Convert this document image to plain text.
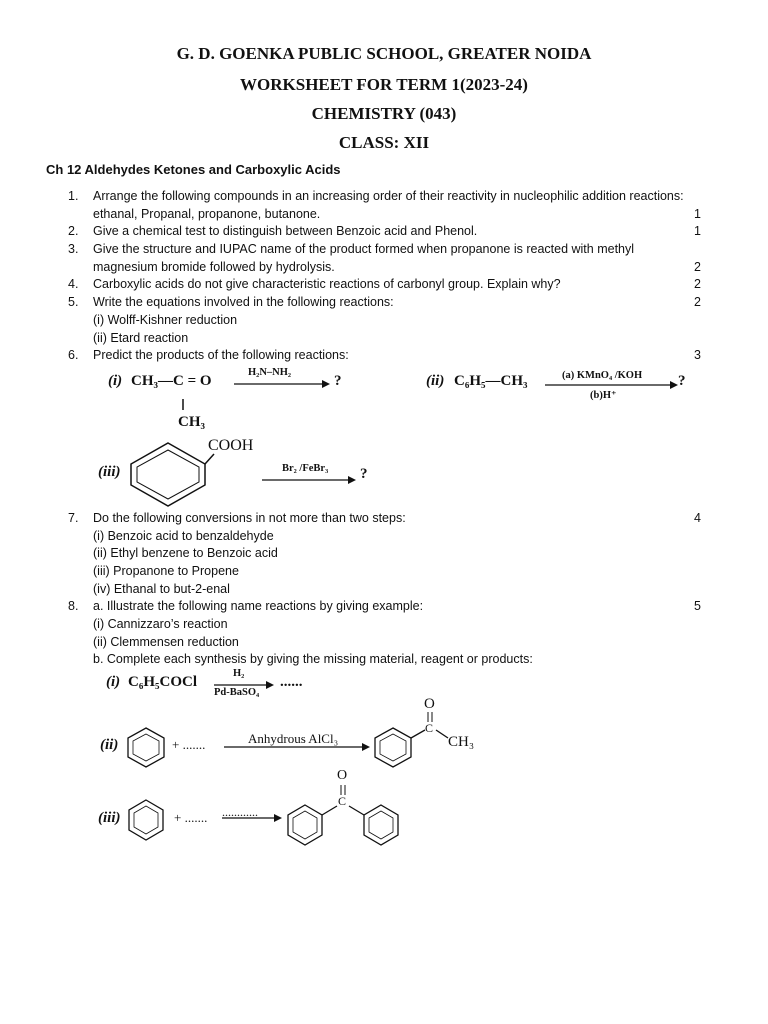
G. D. GOENKA PUBLIC SCHOOL, GREATER NOIDA
WORKSHEET FOR TERM 1(2023-24)
CHEMISTRY (043)
CLASS: XII
Ch 12 Aldehydes Ketones and Carboxylic Acids
1. Arrange the following compounds in an increasing order of their reactivity in nucleophilic addition reactions:
ethanal, Propanal, propanone, butanone.	1
2. Give a chemical test to distinguish between Benzoic acid and Phenol.	1
3. Give the structure and IUPAC name of the product formed when propanone is reacted with methyl
magnesium bromide followed by hydrolysis.	2
4. Carboxylic acids do not give characteristic reactions of carbonyl group. Explain why?	2
5. Write the equations involved in the following reactions:
(i) Wolff-Kishner reduction
(ii) Etard reaction
2
6. Predict the products of the following reactions:	3
(i) CH₃—C = O
H₂N–NH₂
?
CH₃
(ii) C₆H₅—CH₃	(a) KMnO₄ /KOH
(b)H⁺
?
(iii)
COOH
Br₂ /FeBr₃ ?
7. Do the following conversions in not more than two steps:
(i) Benzoic acid to benzaldehyde
(ii) Ethyl benzene to Benzoic acid
(iii) Propanone to Propene
(iv) Ethanal to but-2-enal
4
8. a. Illustrate the following name reactions by giving example:
(i) Cannizzaro’s reaction
(ii) Clemmensen reduction
b. Complete each synthesis by giving the missing material, reagent or products:
5
(i) C₆H₅COCl
H₂
Pd-BaSO₄
......
(ii)	+ .......	Anhydrous AlCl₃
O
C
CH₃
(iii)	+ ....... ............
O
C
